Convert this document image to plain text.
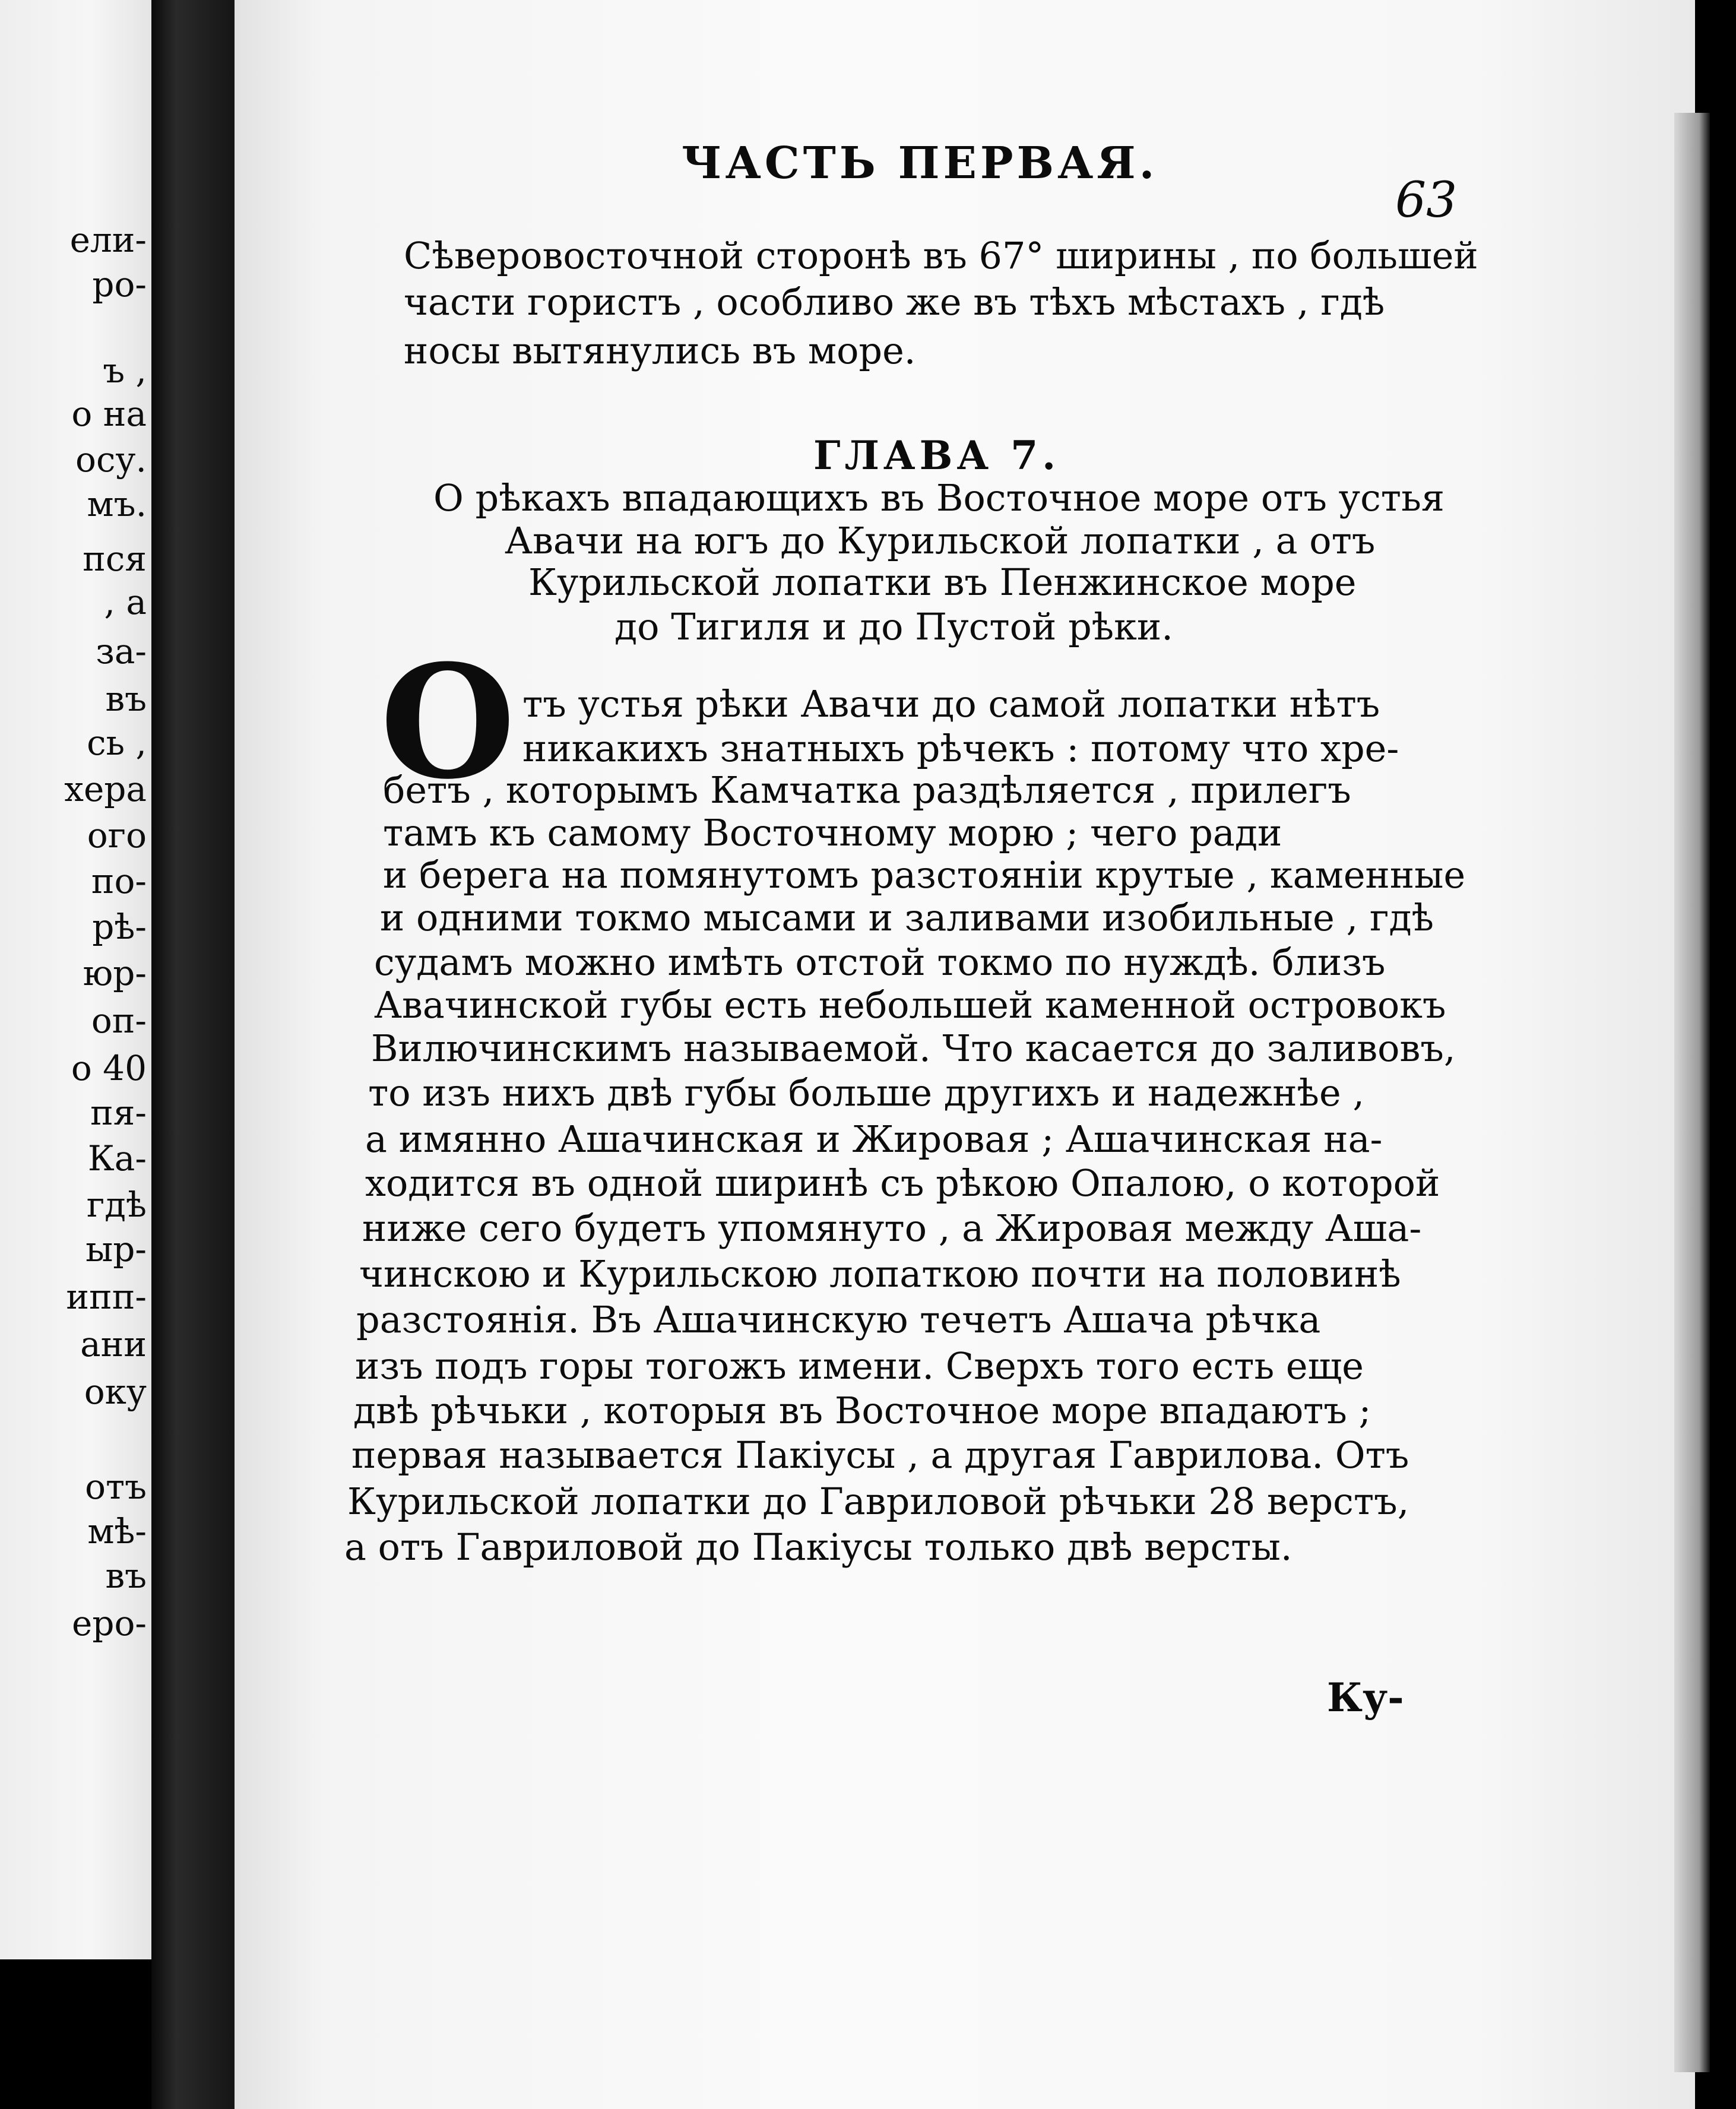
ели-
ро-
ъ ,
о на
осу.
мъ.
пся
, а
за-
въ
сь ,
хера
ого
по-
рѣ-
юр-
оп-
о 40
пя-
Ка-
гдѣ
ыр-
ипп-
ани
оку
отъ
мѣ-
въ
еро-
ЧАСТЬ ПЕРВАЯ.
63
Сѣверовосточной сторонѣ въ 67° ширины , по большей
части гористъ , особливо же въ тѣхъ мѣстахъ , гдѣ
носы вытянулись въ море.
ГЛАВА 7.
О рѣкахъ впадающихъ въ Восточное море отъ устья
Авачи на югъ до Курильской лопатки , а отъ
Курильской лопатки въ Пенжинское море
до Тигиля и до Пустой рѣки.
О тъ устья рѣки Авачи до самой лопатки нѣтъ
никакихъ знатныхъ рѣчекъ : потому что хре-
бетъ , которымъ Камчатка раздѣляется , прилегъ
тамъ къ самому Восточному морю ; чего ради
и берега на помянутомъ разстояніи крутые , каменные
и одними токмо мысами и заливами изобильные , гдѣ
судамъ можно имѣть отстой токмо по нуждѣ. близъ
Авачинской губы есть небольшей каменной островокъ
Вилючинскимъ называемой. Что касается до заливовъ,
то изъ нихъ двѣ губы больше другихъ и надежнѣе ,
а имянно Ашачинская и Жировая ; Ашачинская на-
ходится въ одной ширинѣ съ рѣкою Опалою, о которой
ниже сего будетъ упомянуто , а Жировая между Аша-
чинскою и Курильскою лопаткою почти на половинѣ
разстоянія. Въ Ашачинскую течетъ Ашача рѣчка
изъ подъ горы тогожъ имени. Сверхъ того есть еще
двѣ рѣчьки , которыя въ Восточное море впадаютъ ;
первая называется Пакіусы , а другая Гаврилова. Отъ
Курильской лопатки до Гавриловой рѣчьки 28 верстъ,
а отъ Гавриловой до Пакіусы только двѣ версты.
Ку-
